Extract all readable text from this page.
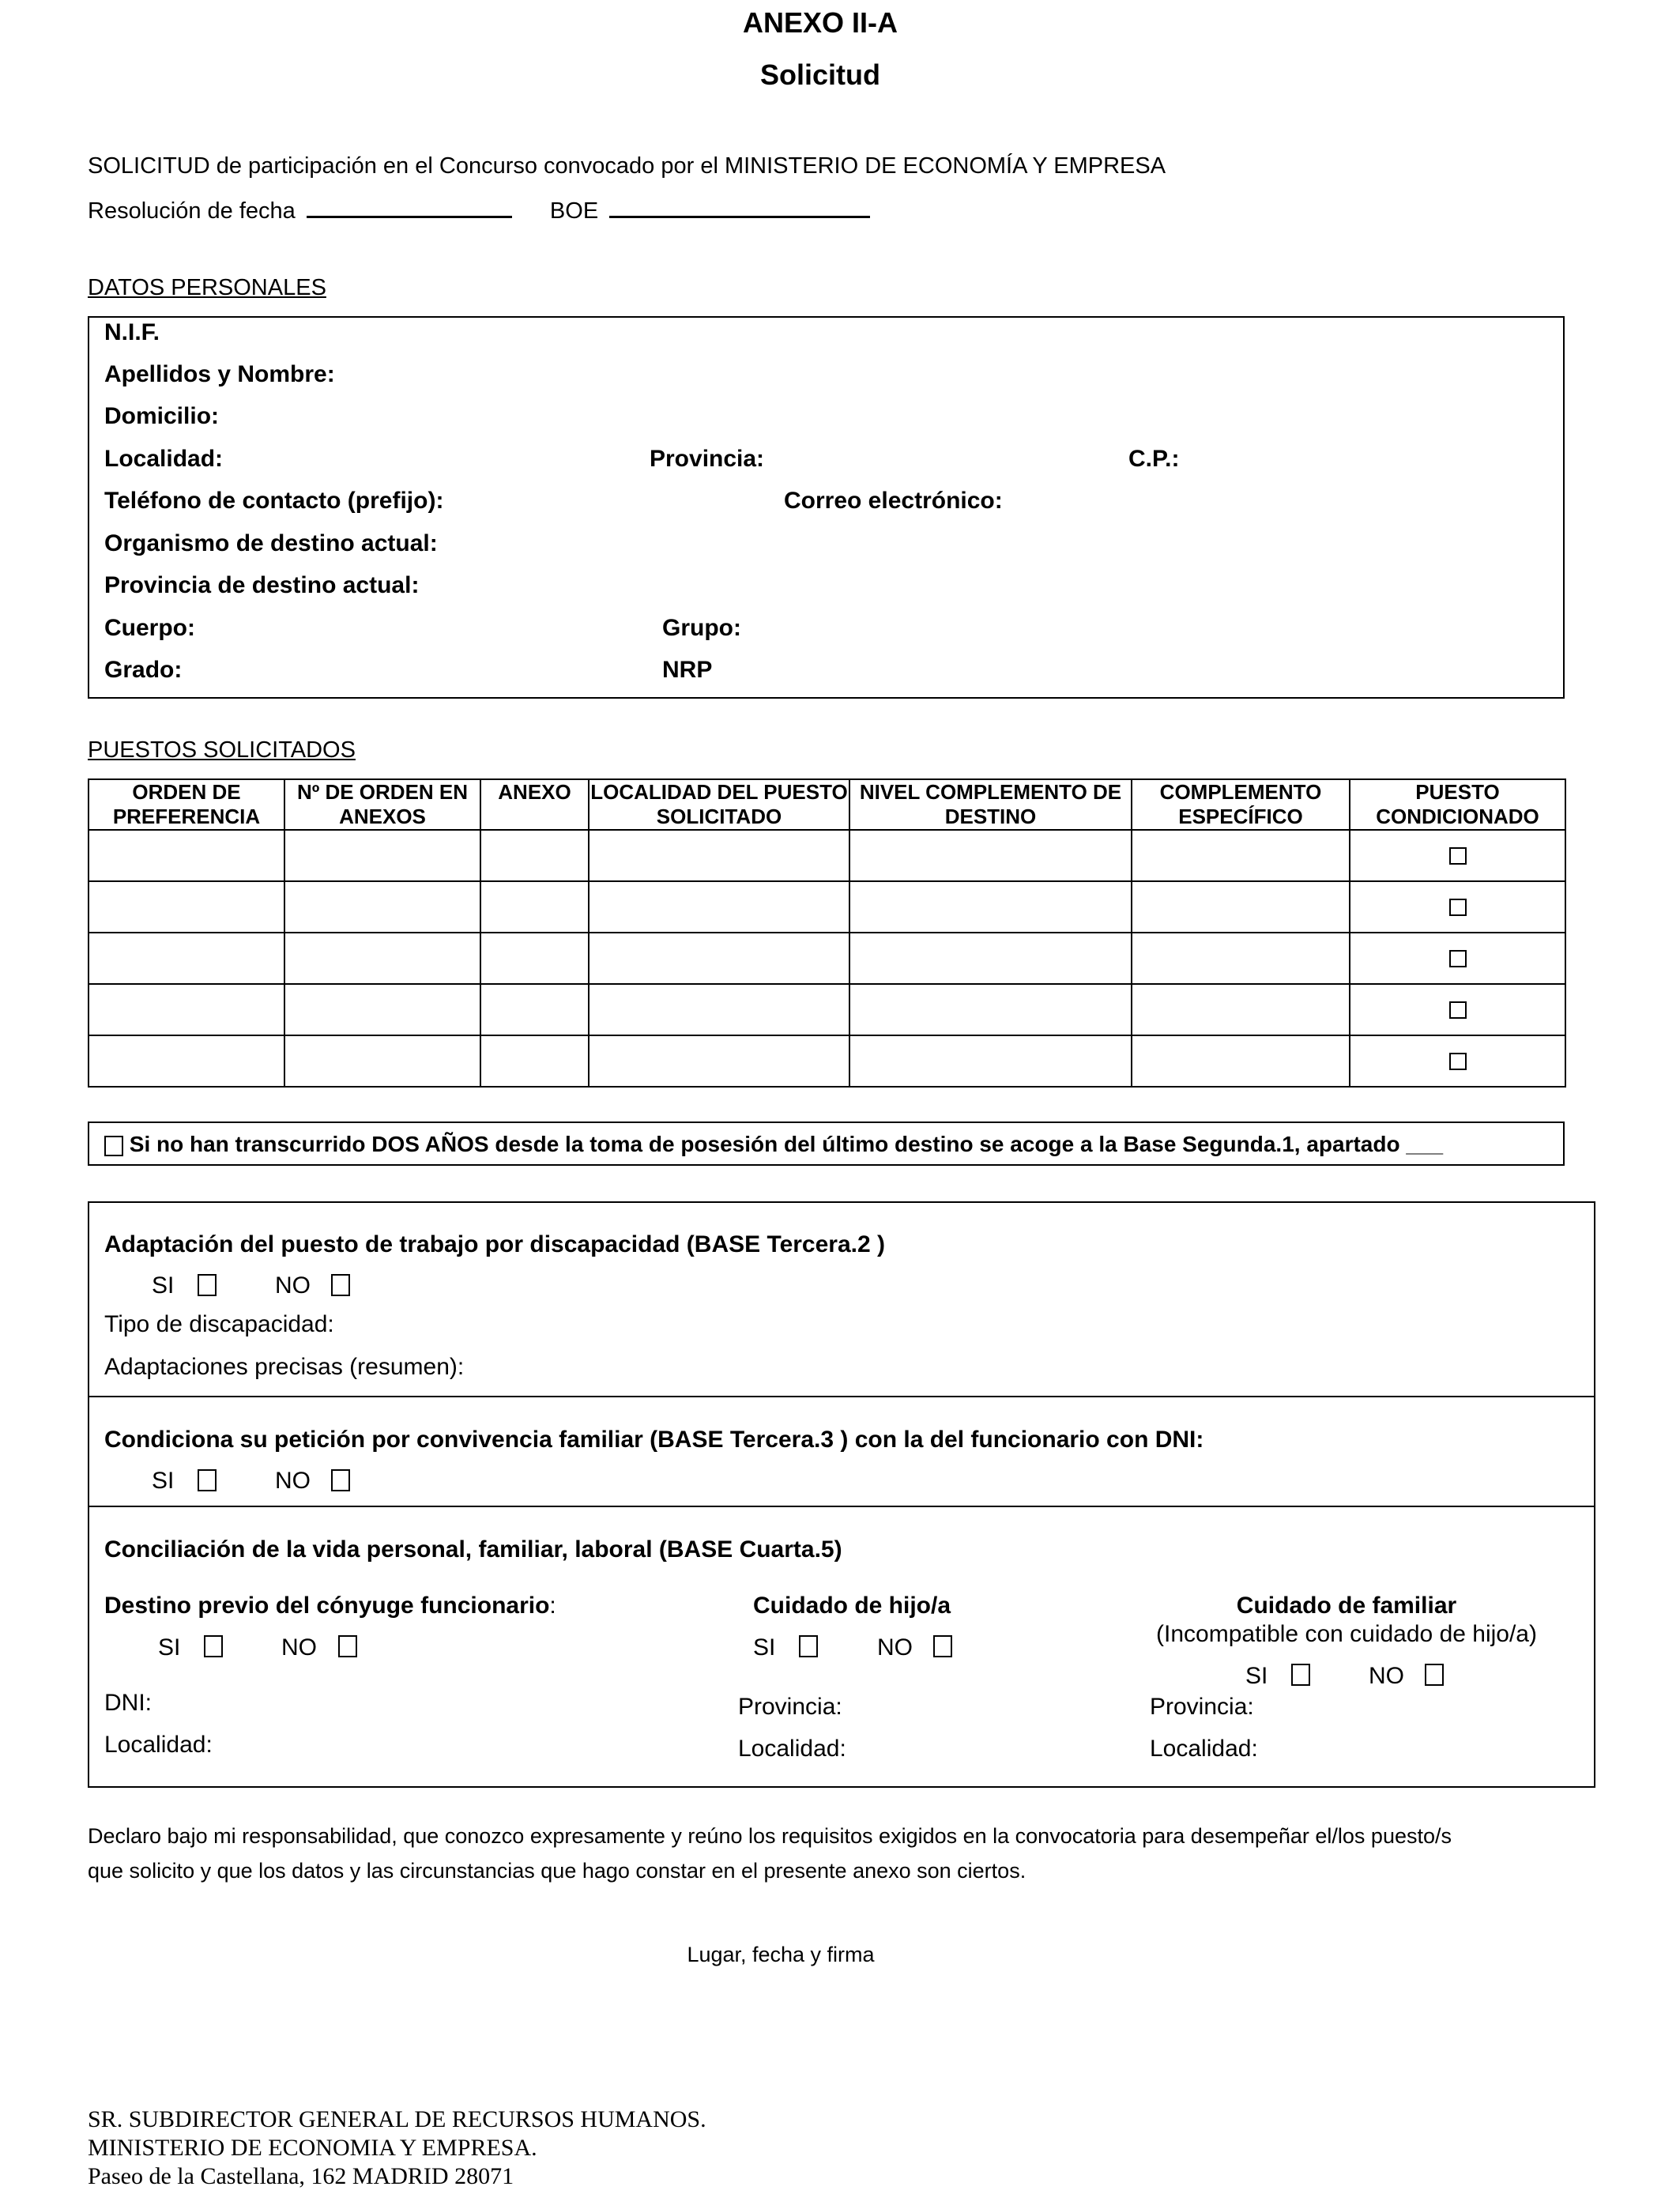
ANEXO II-A
Solicitud
SOLICITUD de participación en el Concurso convocado por el MINISTERIO DE ECONOMÍA Y EMPRESA
Resolución de fecha	BOE
DATOS PERSONALES
N.I.F.
Apellidos y Nombre:
Domicilio:
Localidad:	Provincia:	C.P.:
Teléfono de contacto (prefijo):	Correo electrónico:
Organismo de destino actual:
Provincia de destino actual:
Cuerpo:	Grupo:
Grado:	NRP
PUESTOS SOLICITADOS
ORDEN DE PREFERENCIA	Nº DE ORDEN EN ANEXOS	ANEXO	LOCALIDAD DEL PUESTO SOLICITADO	NIVEL COMPLEMENTO DE DESTINO	COMPLEMENTO ESPECÍFICO	PUESTO CONDICIONADO

Si no han transcurrido DOS AÑOS desde la toma de posesión del último destino se acoge a la Base Segunda.1, apartado ___
Adaptación del puesto de trabajo por discapacidad (BASE Tercera.2 )
SI	NO
Tipo de discapacidad:
Adaptaciones precisas (resumen):
Condiciona su petición por convivencia familiar (BASE Tercera.3 ) con la del funcionario con DNI:
SI	NO
Conciliación de la vida personal, familiar, laboral (BASE Cuarta.5)
Destino previo del cónyuge funcionario:
SI	NO
DNI:
Localidad:
Cuidado de hijo/a
SI	NO
Provincia:
Localidad:
Cuidado de familiar
(Incompatible con cuidado de hijo/a)
SI	NO
Provincia:
Localidad:
Declaro bajo mi responsabilidad, que conozco expresamente y reúno los requisitos exigidos en la convocatoria para desempeñar el/los puesto/s
que solicito y que los datos y las circunstancias que hago constar en el presente anexo son ciertos.
Lugar, fecha y firma
SR. SUBDIRECTOR GENERAL DE RECURSOS HUMANOS.
MINISTERIO DE ECONOMIA Y EMPRESA.
Paseo de la Castellana, 162 MADRID 28071
